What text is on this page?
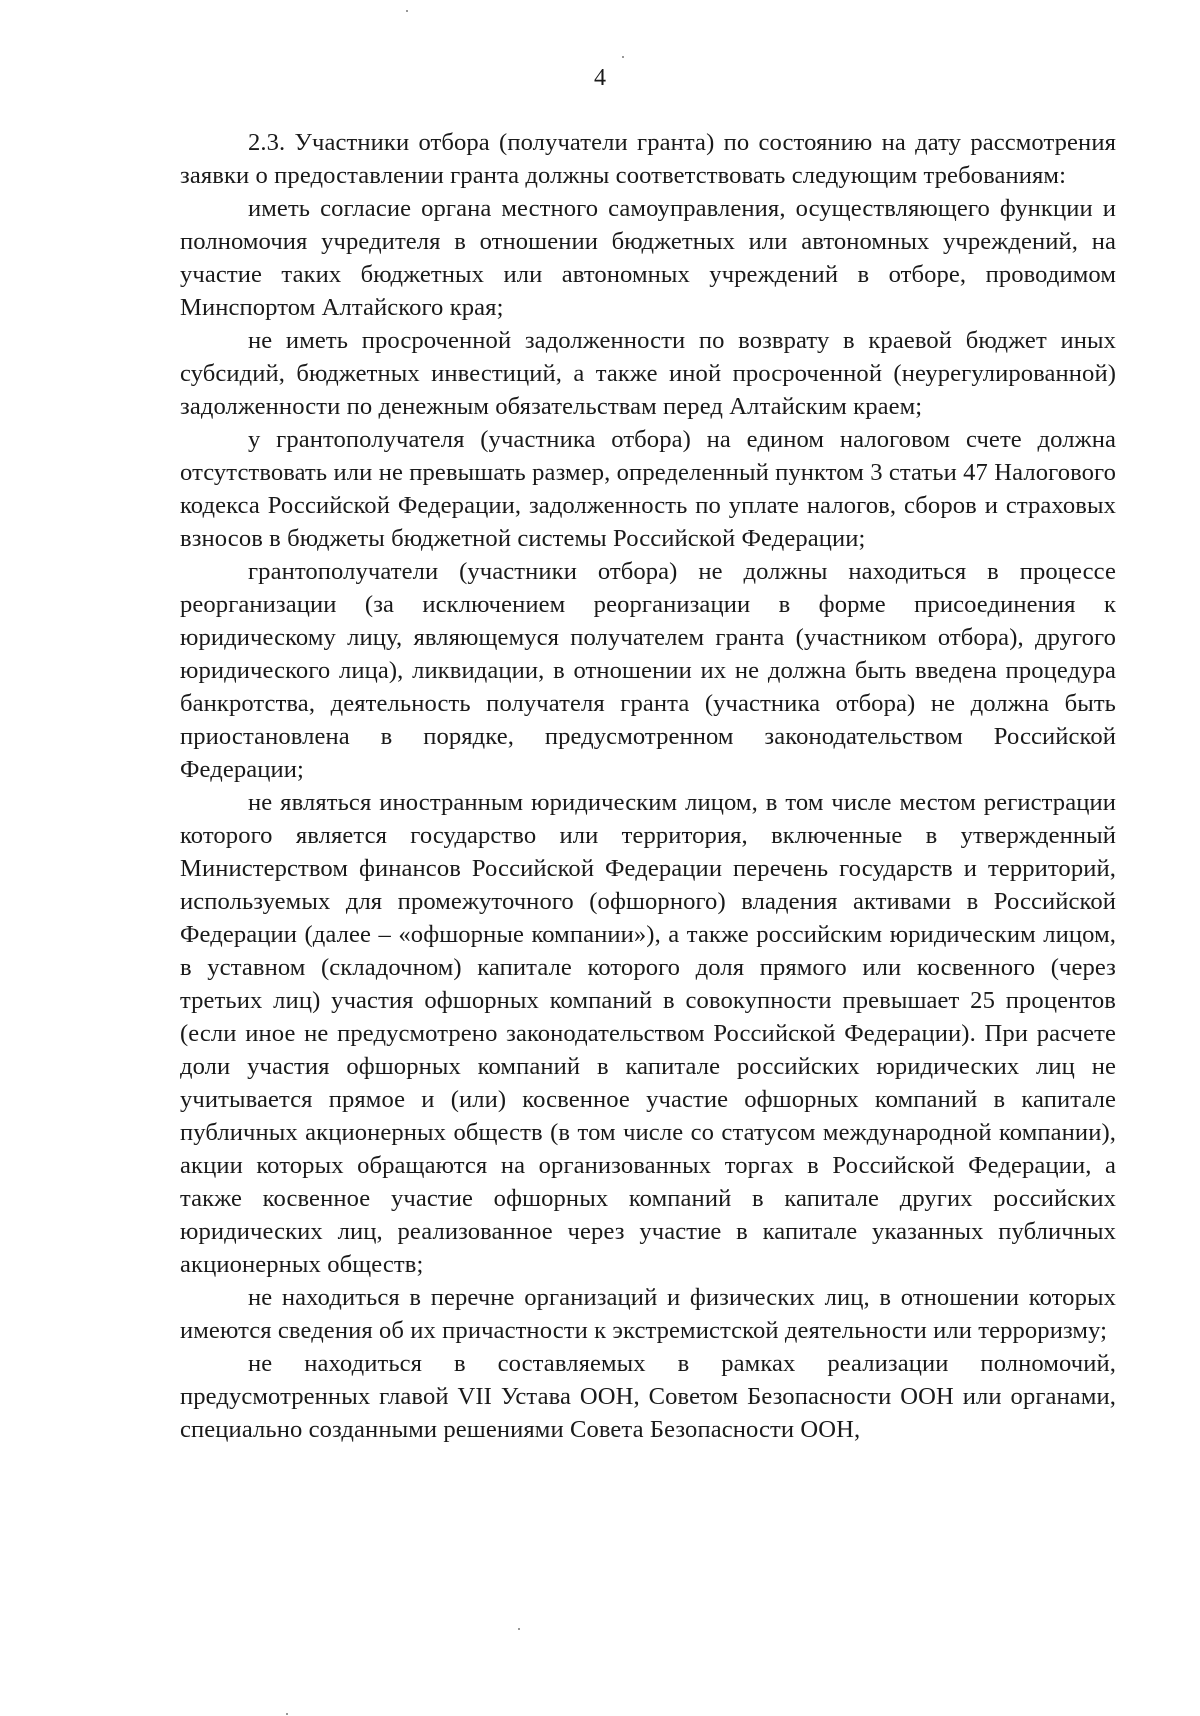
4

2.3. Участники отбора (получатели гранта) по состоянию на дату рассмотрения заявки о предоставлении гранта должны соответствовать следующим требованиям:

иметь согласие органа местного самоуправления, осуществляющего функции и полномочия учредителя в отношении бюджетных или автономных учреждений, на участие таких бюджетных или автономных учреждений в отборе, проводимом Минспортом Алтайского края;

не иметь просроченной задолженности по возврату в краевой бюджет иных субсидий, бюджетных инвестиций, а также иной просроченной (неурегулированной) задолженности по денежным обязательствам перед Алтайским краем;

у грантополучателя (участника отбора) на едином налоговом счете должна отсутствовать или не превышать размер, определенный пунктом 3 статьи 47 Налогового кодекса Российской Федерации, задолженность по уплате налогов, сборов и страховых взносов в бюджеты бюджетной системы Российской Федерации;

грантополучатели (участники отбора) не должны находиться в процессе реорганизации (за исключением реорганизации в форме присоединения к юридическому лицу, являющемуся получателем гранта (участником отбора), другого юридического лица), ликвидации, в отношении их не должна быть введена процедура банкротства, деятельность получателя гранта (участника отбора) не должна быть приостановлена в порядке, предусмотренном законодательством Российской Федерации;

не являться иностранным юридическим лицом, в том числе местом регистрации которого является государство или территория, включенные в утвержденный Министерством финансов Российской Федерации перечень государств и территорий, используемых для промежуточного (офшорного) владения активами в Российской Федерации (далее – «офшорные компании»), а также российским юридическим лицом, в уставном (складочном) капитале которого доля прямого или косвенного (через третьих лиц) участия офшорных компаний в совокупности превышает 25 процентов (если иное не предусмотрено законодательством Российской Федерации). При расчете доли участия офшорных компаний в капитале российских юридических лиц не учитывается прямое и (или) косвенное участие офшорных компаний в капитале публичных акционерных обществ (в том числе со статусом международной компании), акции которых обращаются на организованных торгах в Российской Федерации, а также косвенное участие офшорных компаний в капитале других российских юридических лиц, реализованное через участие в капитале указанных публичных акционерных обществ;

не находиться в перечне организаций и физических лиц, в отношении которых имеются сведения об их причастности к экстремистской деятельности или терроризму;

не находиться в составляемых в рамках реализации полномочий, предусмотренных главой VII Устава ООН, Советом Безопасности ООН или органами, специально созданными решениями Совета Безопасности ООН,
